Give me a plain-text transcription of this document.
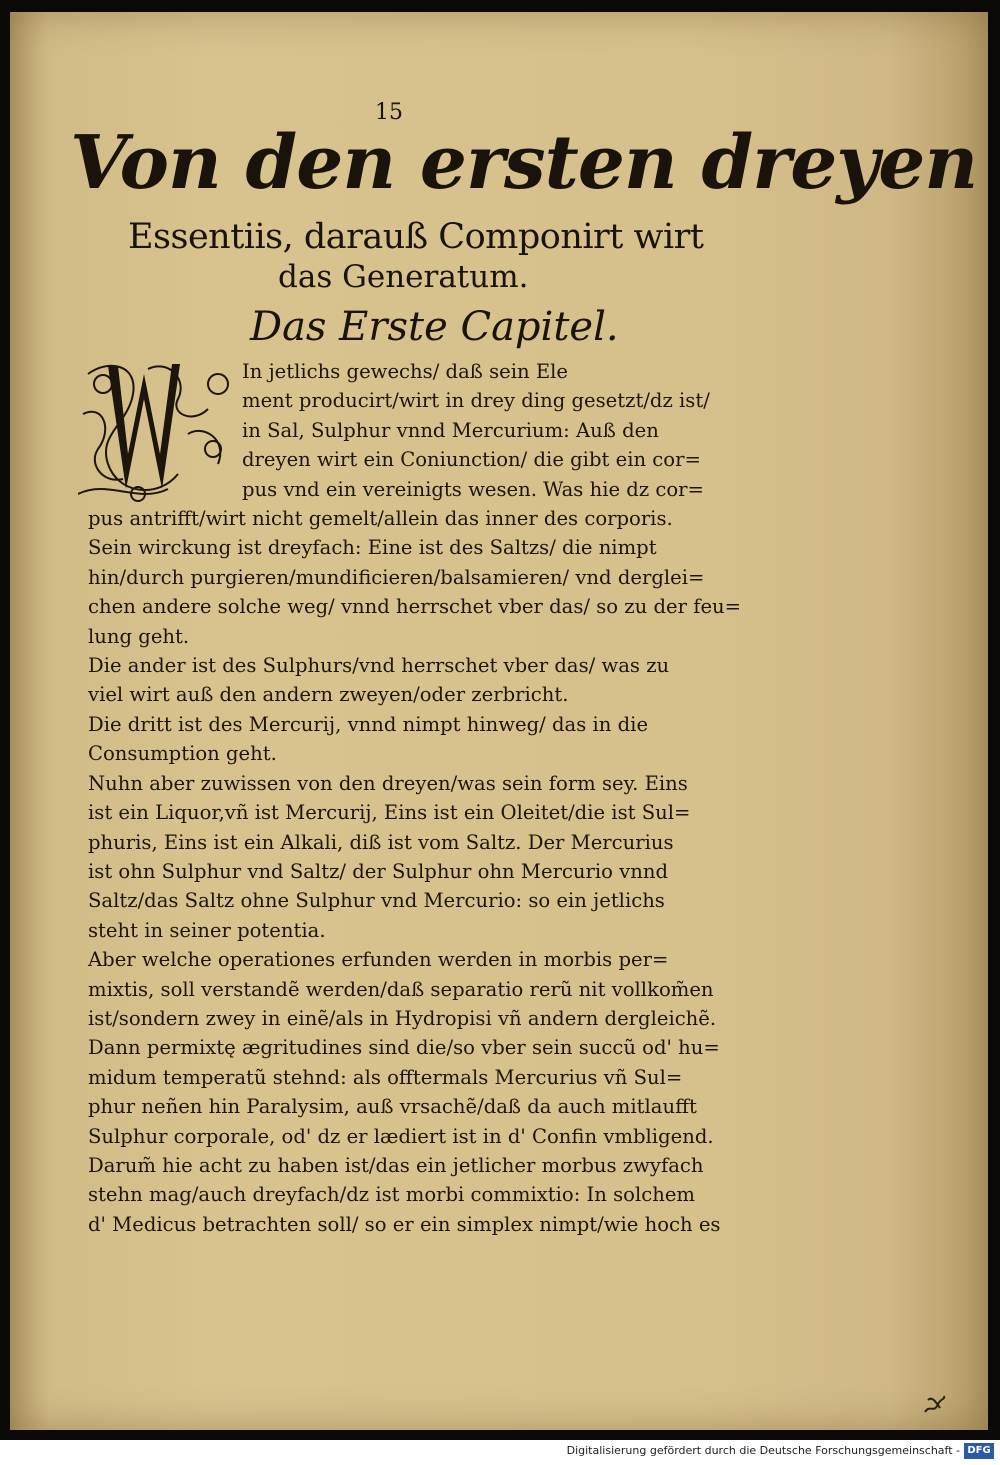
15
Von den ersten dreyen
Essentiis, darauß Componirt wirt
das Generatum.
Das Erste Capitel.
In jetlichs gewechs/ daß sein Ele
ment producirt/wirt in drey ding gesetzt/dz ist/
in Sal, Sulphur vnnd Mercurium: Auß den
dreyen wirt ein Coniunction/ die gibt ein cor=
pus vnd ein vereinigts wesen. Was hie dz cor=
pus antrifft/wirt nicht gemelt/allein das inner des corporis.
Sein wirckung ist dreyfach: Eine ist des Saltzs/ die nimpt
hin/durch purgieren/mundificieren/balsamieren/ vnd derglei=
chen andere solche weg/ vnnd herrschet vber das/ so zu der feu=
lung geht.
Die ander ist des Sulphurs/vnd herrschet vber das/ was zu
viel wirt auß den andern zweyen/oder zerbricht.
Die dritt ist des Mercurij, vnnd nimpt hinweg/ das in die
Consumption geht.
Nuhn aber zuwissen von den dreyen/was sein form sey. Eins
ist ein Liquor,vñ ist Mercurij, Eins ist ein Oleitet/die ist Sul=
phuris, Eins ist ein Alkali, diß ist vom Saltz. Der Mercurius
ist ohn Sulphur vnd Saltz/ der Sulphur ohn Mercurio vnnd
Saltz/das Saltz ohne Sulphur vnd Mercurio: so ein jetlichs
steht in seiner potentia.
Aber welche operationes erfunden werden in morbis per=
mixtis, soll verstandẽ werden/daß separatio rerũ nit vollkom̃en
ist/sondern zwey in einẽ/als in Hydropisi vñ andern dergleichẽ.
Dann permixtę ægritudines sind die/so vber sein succũ od' hu=
midum temperatũ stehnd: als offtermals Mercurius vñ Sul=
phur neñen hin Paralysim, auß vrsachẽ/daß da auch mitlaufft
Sulphur corporale, od' dz er lædiert ist in d' Confin vmbligend.
Darum̃ hie acht zu haben ist/das ein jetlicher morbus zwyfach
stehn mag/auch dreyfach/dz ist morbi commixtio: In solchem
d' Medicus betrachten soll/ so er ein simplex nimpt/wie hoch es
Digitalisierung gefördert durch die Deutsche Forschungsgemeinschaft - DFG
